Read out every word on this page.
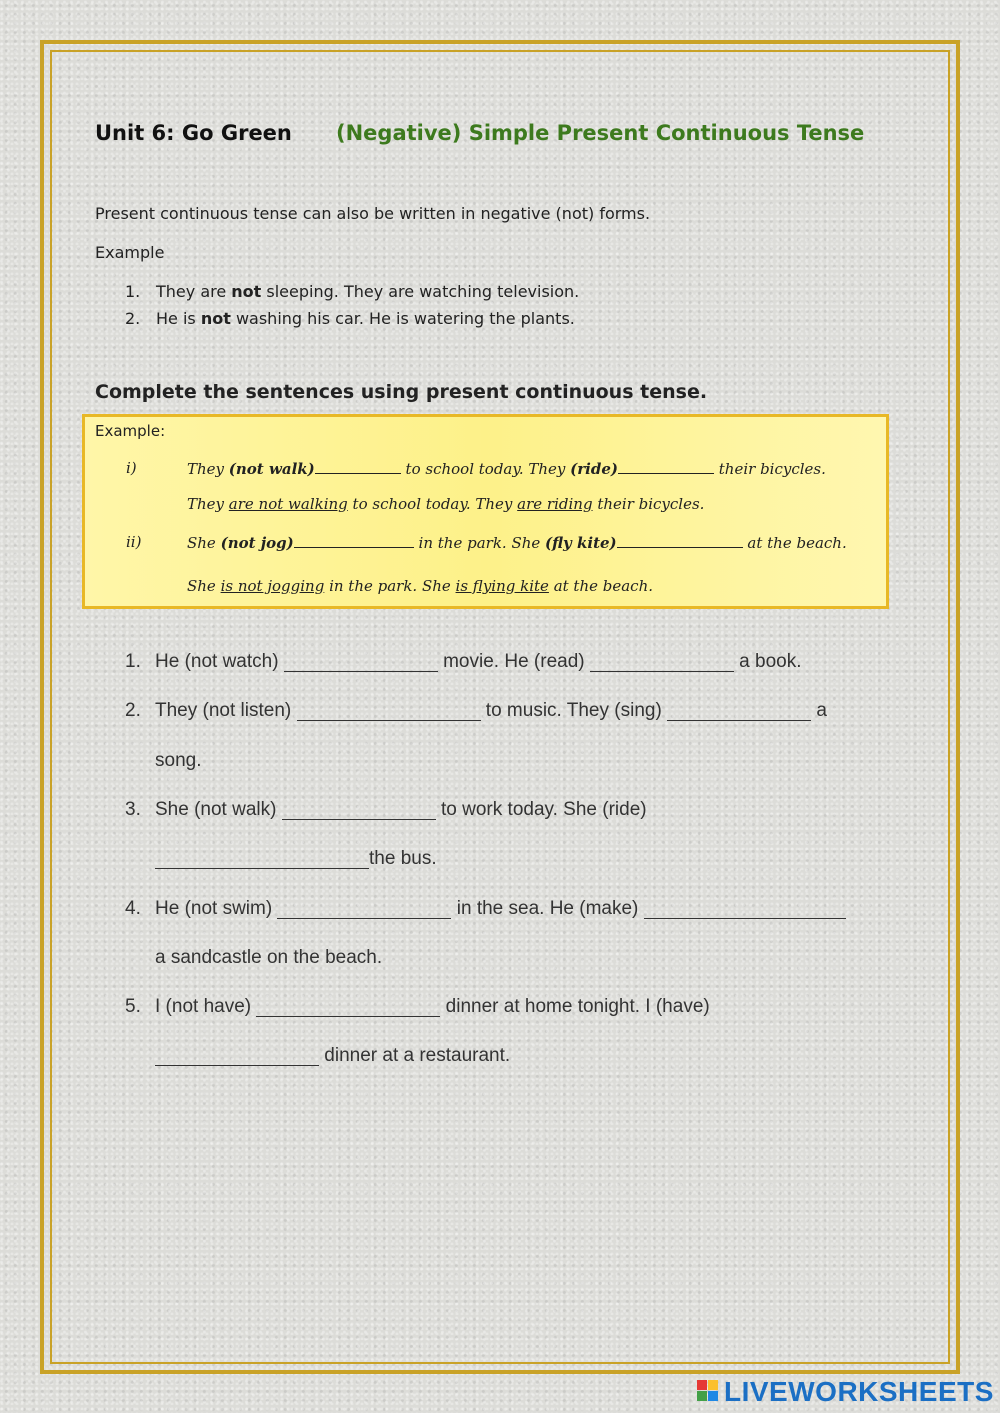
Unit 6: Go Green (Negative) Simple Present Continuous Tense
Present continuous tense can also be written in negative (not) forms.
Example
1. They are not sleeping. They are watching television.
2. He is not washing his car. He is watering the plants.
Complete the sentences using present continuous tense.
Example:
i)	They (not walk)	to school today. They (ride)	their bicycles.
They are not walking to school today. They are riding their bicycles.
ii)	She (not jog)	in the park. She (fly kite)	at the beach.
She is not jogging in the park. She is flying kite at the beach.
1. He (not watch)	movie. He (read)	a book.
2. They (not listen)	to music. They (sing)	a
song.
3. She (not walk)	to work today. She (ride)
the bus.
4. He (not swim)	in the sea. He (make)
a sandcastle on the beach.
5. I (not have)	dinner at home tonight. I (have)
dinner at a restaurant.
LIVEWORKSHEETS
